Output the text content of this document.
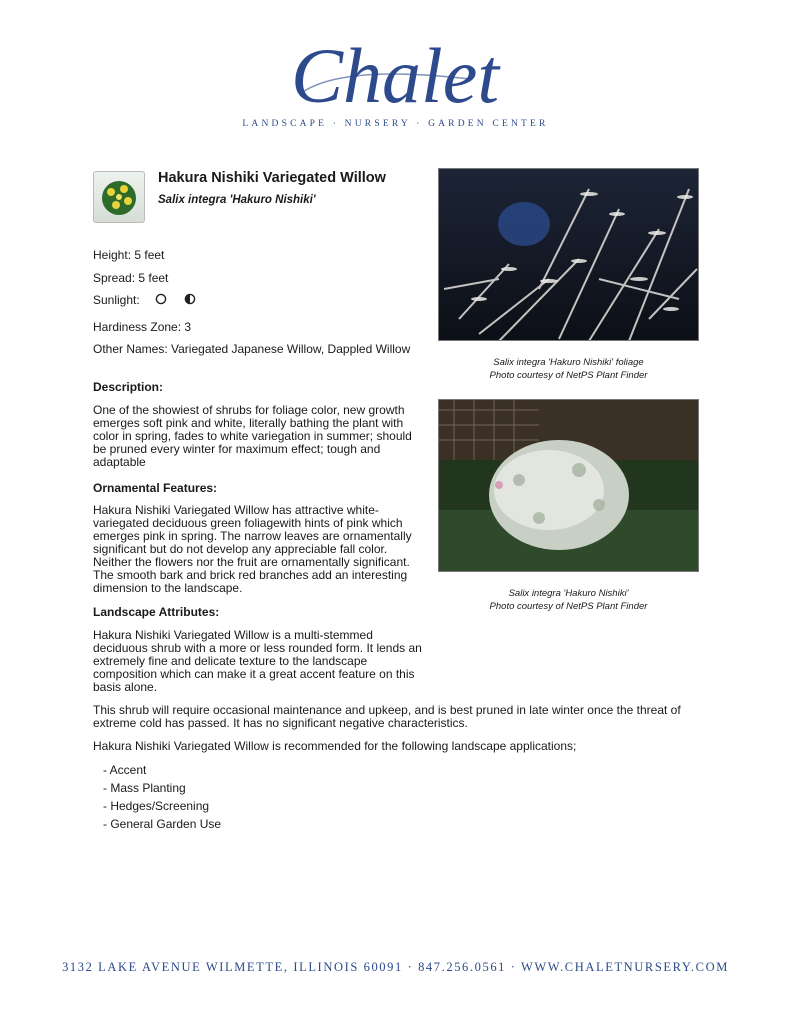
Chalet
LANDSCAPE · NURSERY · GARDEN CENTER
Hakura Nishiki Variegated Willow
Salix integra 'Hakuro Nishiki'
Height: 5 feet
Spread: 5 feet
Sunlight:
Hardiness Zone: 3
Other Names: Variegated Japanese Willow, Dappled Willow
Description:
One of the showiest of shrubs for foliage color, new growth emerges soft pink and white, literally bathing the plant with color in spring, fades to white variegation in summer; should be pruned every winter for maximum effect; tough and adaptable
Ornamental Features:
Hakura Nishiki Variegated Willow has attractive white-variegated deciduous green foliagewith hints of pink which emerges pink in spring. The narrow leaves are ornamentally significant but do not develop any appreciable fall color. Neither the flowers nor the fruit are ornamentally significant. The smooth bark and brick red branches add an interesting dimension to the landscape.
Landscape Attributes:
Hakura Nishiki Variegated Willow is a multi-stemmed deciduous shrub with a more or less rounded form. It lends an extremely fine and delicate texture to the landscape composition which can make it a great accent feature on this basis alone.
This shrub will require occasional maintenance and upkeep, and is best pruned in late winter once the threat of extreme cold has passed. It has no significant negative characteristics.
Hakura Nishiki Variegated Willow is recommended for the following landscape applications;
- Accent
- Mass Planting
- Hedges/Screening
- General Garden Use
Salix integra 'Hakuro Nishiki' foliage
Photo courtesy of NetPS Plant Finder
Salix integra 'Hakuro Nishiki'
Photo courtesy of NetPS Plant Finder
3132 LAKE AVENUE WILMETTE, ILLINOIS 60091 · 847.256.0561 · WWW.CHALETNURSERY.COM
